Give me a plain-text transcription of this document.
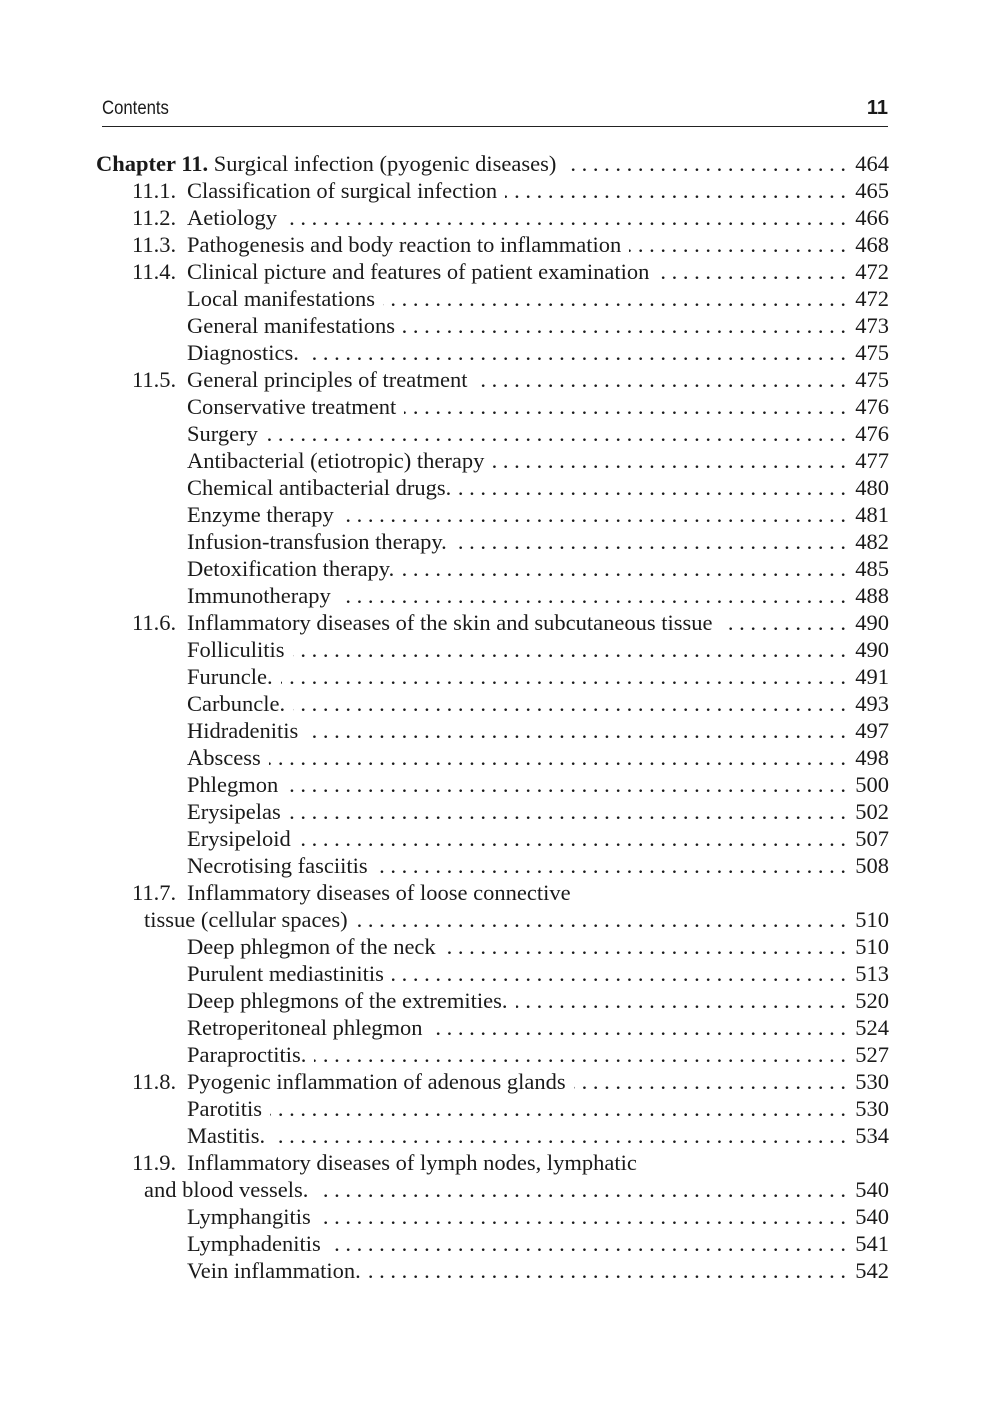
Contents	11
Chapter 11. Surgical infection (pyogenic diseases) . . .	464
11.1. Classification of surgical infection . . .	465
11.2. Aetiology . . .	466
11.3. Pathogenesis and body reaction to inflammation . . .	468
11.4. Clinical picture and features of patient examination . . .	472
Local manifestations . . .	472
General manifestations . . .	473
Diagnostics. . . .	475
11.5. General principles of treatment . . .	475
Conservative treatment . . .	476
Surgery . . .	476
Antibacterial (etiotropic) therapy . . .	477
Chemical antibacterial drugs. . . .	480
Enzyme therapy . . .	481
Infusion-transfusion therapy. . . .	482
Detoxification therapy. . . .	485
Immunotherapy . . .	488
11.6. Inflammatory diseases of the skin and subcutaneous tissue . . .	490
Folliculitis . . .	490
Furuncle. . . .	491
Carbuncle. . . .	493
Hidradenitis . . .	497
Abscess . . .	498
Phlegmon . . .	500
Erysipelas . . .	502
Erysipeloid . . .	507
Necrotising fasciitis . . .	508
11.7. Inflammatory diseases of loose connective
tissue (cellular spaces) . . .	510
Deep phlegmon of the neck . . .	510
Purulent mediastinitis . . .	513
Deep phlegmons of the extremities. . . .	520
Retroperitoneal phlegmon . . .	524
Paraproctitis. . . .	527
11.8. Pyogenic inflammation of adenous glands . . .	530
Parotitis . . .	530
Mastitis. . . .	534
11.9. Inflammatory diseases of lymph nodes, lymphatic
and blood vessels. . . .	540
Lymphangitis . . .	540
Lymphadenitis . . .	541
Vein inflammation. . . .	542
